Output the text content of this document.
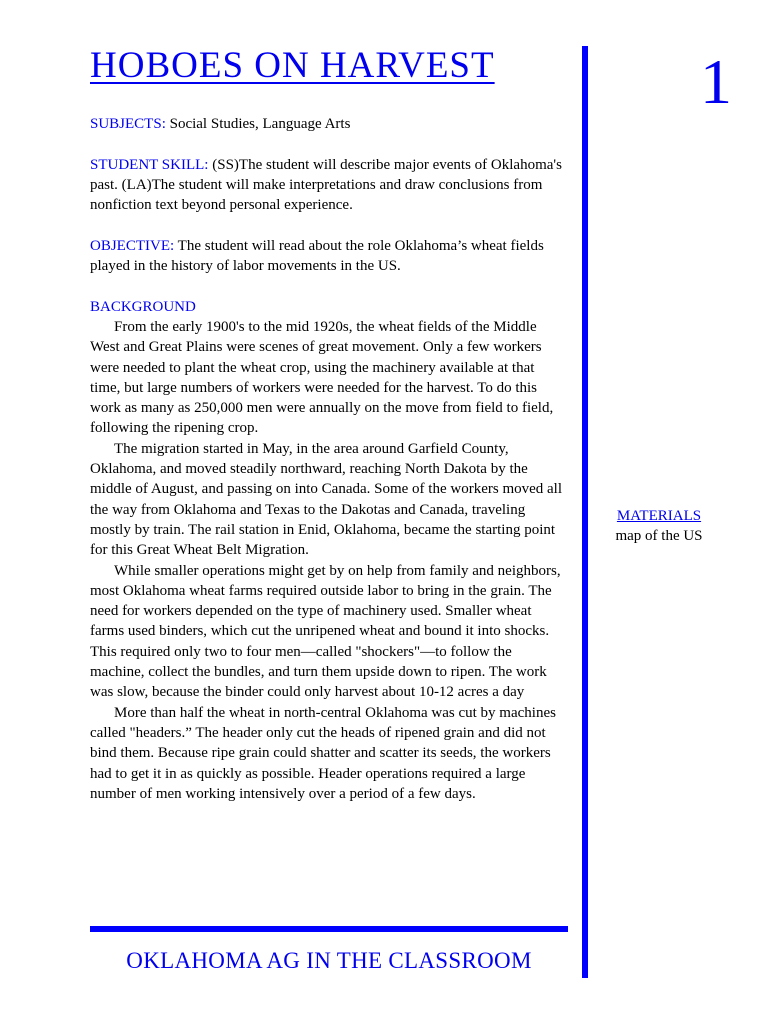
HOBOES ON HARVEST	1

SUBJECTS: Social Studies, Language Arts

STUDENT SKILL: (SS)The student will describe major events of Oklahoma's past. (LA)The student will make interpretations and draw conclusions from nonfiction text beyond personal experience.

OBJECTIVE: The student will read about the role Oklahoma’s wheat fields played in the history of labor movements in the US.

BACKGROUND

From the early 1900's to the mid 1920s, the wheat fields of the Middle West and Great Plains were scenes of great movement. Only a few workers were needed to plant the wheat crop, using the machinery available at that time, but large numbers of workers were needed for the harvest. To do this work as many as 250,000 men were annually on the move from field to field, following the ripening crop.

The migration started in May, in the area around Garfield County, Oklahoma, and moved steadily northward, reaching North Dakota by the middle of August, and passing on into Canada. Some of the workers moved all the way from Oklahoma and Texas to the Dakotas and Canada, traveling mostly by train. The rail station in Enid, Oklahoma, became the starting point for this Great Wheat Belt Migration.

While smaller operations might get by on help from family and neighbors, most Oklahoma wheat farms required outside labor to bring in the grain. The need for workers depended on the type of machinery used. Smaller wheat farms used binders, which cut the unripened wheat and bound it into shocks. This required only two to four men—called "shockers"—to follow the machine, collect the bundles, and turn them upside down to ripen. The work was slow, because the binder could only harvest about 10-12 acres a day

More than half the wheat in north-central Oklahoma was cut by machines called "headers.” The header only cut the heads of ripened grain and did not bind them. Because ripe grain could shatter and scatter its seeds, the workers had to get it in as quickly as possible. Header operations required a large number of men working intensively over a period of a few days.

MATERIALS
map of the US
OKLAHOMA AG IN THE CLASSROOM
